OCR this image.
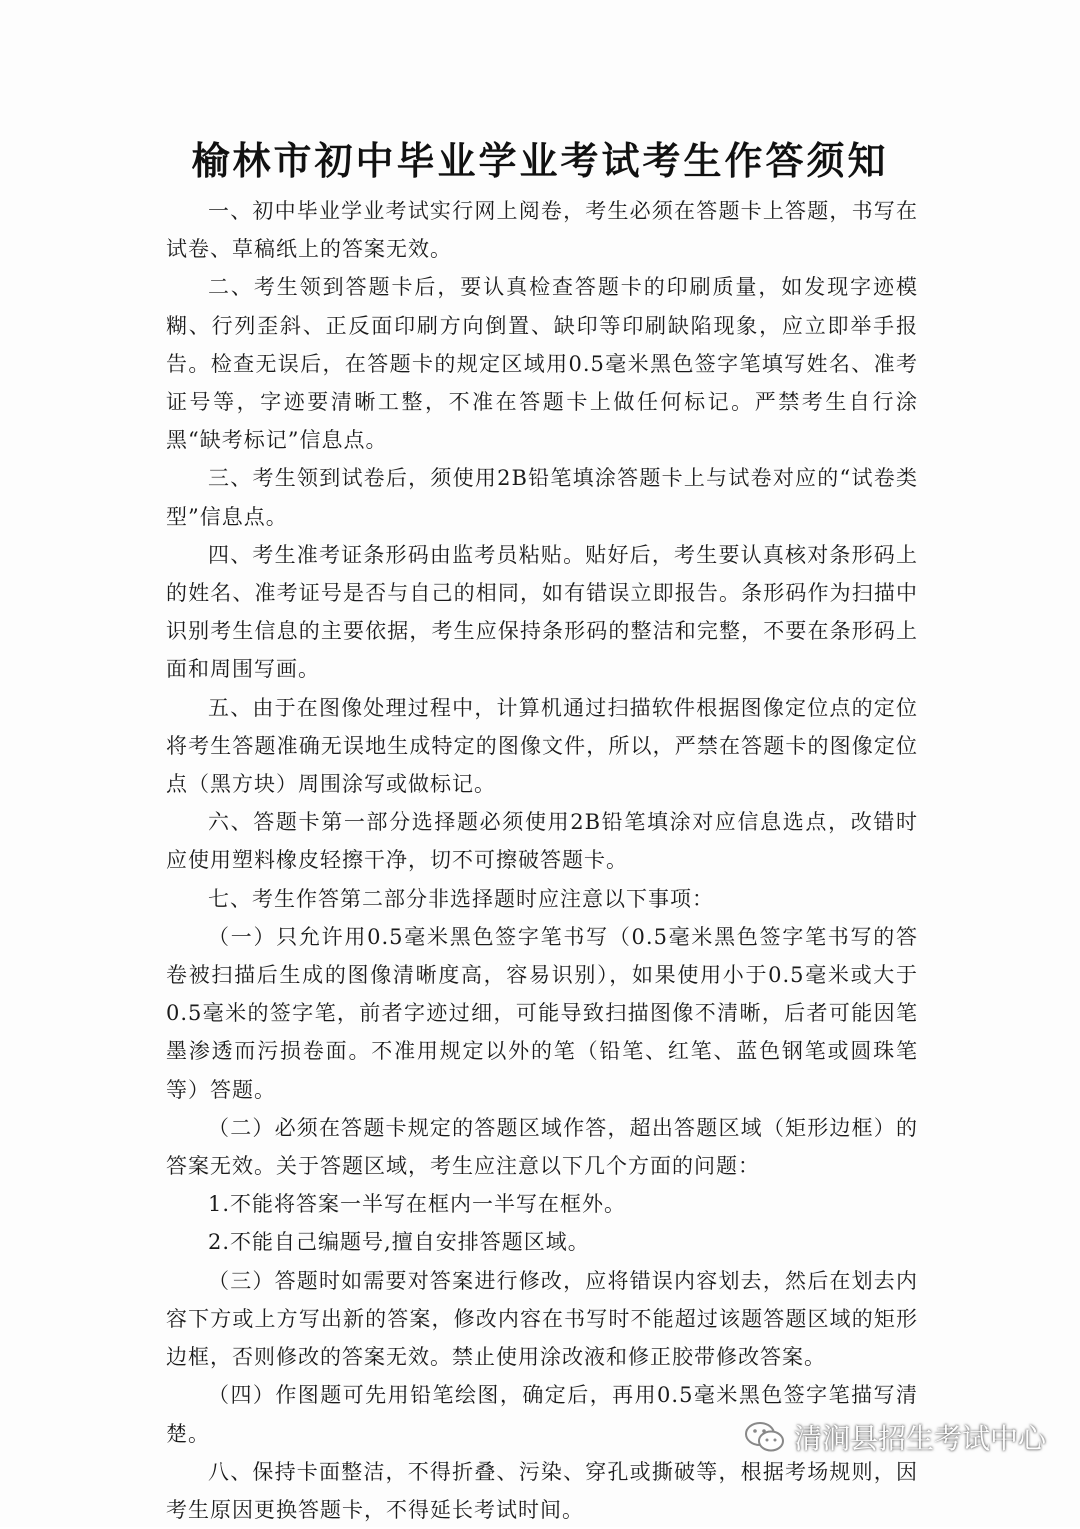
榆林市初中毕业学业考试考生作答须知

一、初中毕业学业考试实行网上阅卷，考生必须在答题卡上答题，书写在试卷、草稿纸上的答案无效。

二、考生领到答题卡后，要认真检查答题卡的印刷质量，如发现字迹模糊、行列歪斜、正反面印刷方向倒置、缺印等印刷缺陷现象，应立即举手报告。检查无误后，在答题卡的规定区域用0.5毫米黑色签字笔填写姓名、准考证号等，字迹要清晰工整，不准在答题卡上做任何标记。严禁考生自行涂黑“缺考标记”信息点。

三、考生领到试卷后，须使用2B铅笔填涂答题卡上与试卷对应的“试卷类型”信息点。

四、考生准考证条形码由监考员粘贴。贴好后，考生要认真核对条形码上的姓名、准考证号是否与自己的相同，如有错误立即报告。条形码作为扫描中识别考生信息的主要依据，考生应保持条形码的整洁和完整，不要在条形码上面和周围写画。

五、由于在图像处理过程中，计算机通过扫描软件根据图像定位点的定位将考生答题准确无误地生成特定的图像文件，所以，严禁在答题卡的图像定位点（黑方块）周围涂写或做标记。

六、答题卡第一部分选择题必须使用2B铅笔填涂对应信息选点，改错时应使用塑料橡皮轻擦干净，切不可擦破答题卡。

七、考生作答第二部分非选择题时应注意以下事项：

（一）只允许用0.5毫米黑色签字笔书写（0.5毫米黑色签字笔书写的答卷被扫描后生成的图像清晰度高，容易识别），如果使用小于0.5毫米或大于0.5毫米的签字笔，前者字迹过细，可能导致扫描图像不清晰，后者可能因笔墨渗透而污损卷面。不准用规定以外的笔（铅笔、红笔、蓝色钢笔或圆珠笔等）答题。

（二）必须在答题卡规定的答题区域作答，超出答题区域（矩形边框）的答案无效。关于答题区域，考生应注意以下几个方面的问题：

1.不能将答案一半写在框内一半写在框外。

2.不能自己编题号,擅自安排答题区域。

（三）答题时如需要对答案进行修改，应将错误内容划去，然后在划去内容下方或上方写出新的答案，修改内容在书写时不能超过该题答题区域的矩形边框，否则修改的答案无效。禁止使用涂改液和修正胶带修改答案。

（四）作图题可先用铅笔绘图，确定后，再用0.5毫米黑色签字笔描写清楚。

八、保持卡面整洁，不得折叠、污染、穿孔或撕破等，根据考场规则，因考生原因更换答题卡，不得延长考试时间。

清涧县招生考试中心
